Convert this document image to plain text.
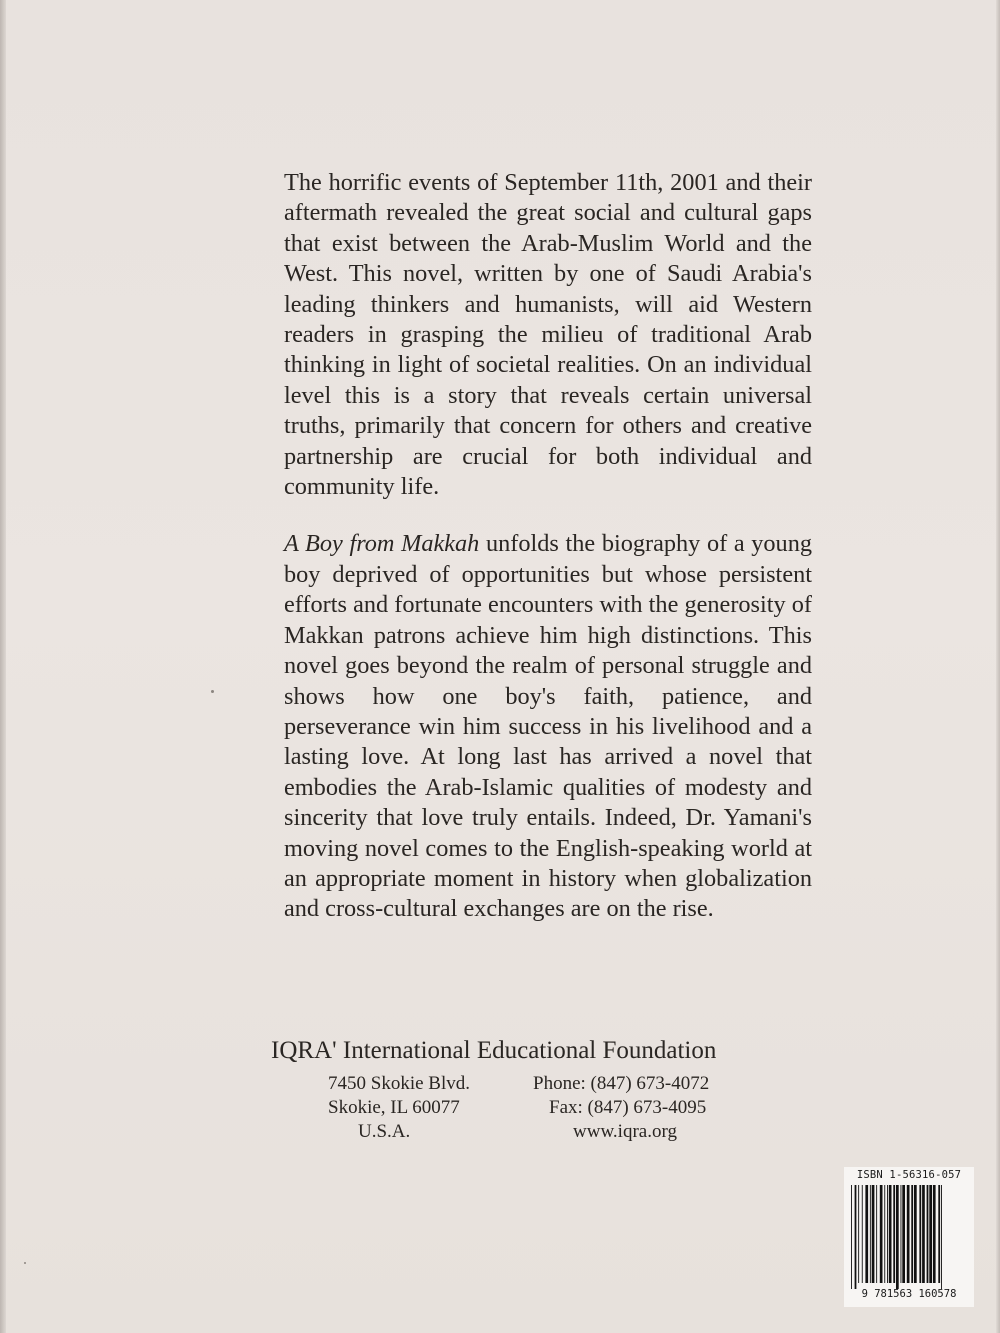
The horrific events of September 11th, 2001 and their aftermath revealed the great social and cultural gaps that exist between the Arab-Muslim World and the West. This novel, written by one of Saudi Arabia's leading thinkers and humanists, will aid Western readers in grasping the milieu of traditional Arab thinking in light of societal realities. On an individual level this is a story that reveals certain universal truths, primarily that concern for others and creative partnership are crucial for both individual and community life.

A Boy from Makkah unfolds the biography of a young boy deprived of opportunities but whose persistent efforts and fortunate encounters with the generosity of Makkan patrons achieve him high distinctions. This novel goes beyond the realm of personal struggle and shows how one boy's faith, patience, and perseverance win him success in his livelihood and a lasting love. At long last has arrived a novel that embodies the Arab-Islamic qualities of modesty and sincerity that love truly entails. Indeed, Dr. Yamani's moving novel comes to the English-speaking world at an appropriate moment in history when globalization and cross-cultural exchanges are on the rise.

IQRA' International Educational Foundation
7450 Skokie Blvd.	Phone: (847) 673-4072
Skokie, IL 60077	Fax: (847) 673-4095
U.S.A.	www.iqra.org
ISBN 1-56316-057
9 781563 160578
